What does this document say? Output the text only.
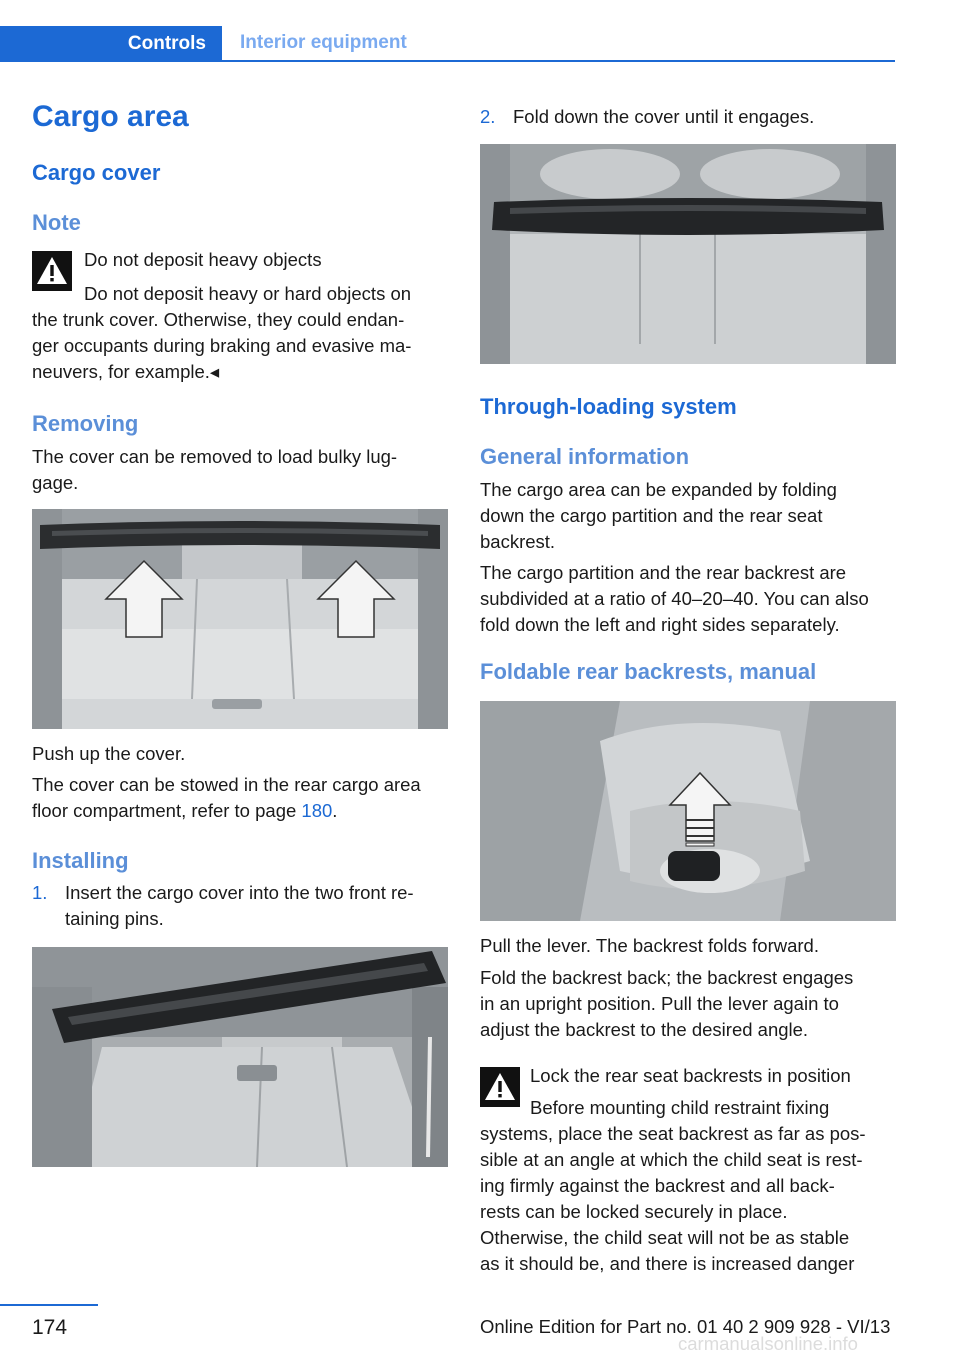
Controls	Interior equipment
Cargo area
Cargo cover
Note
Do not deposit heavy objects
Do not deposit heavy or hard objects on
the trunk cover. Otherwise, they could endan-
ger occupants during braking and evasive ma-
neuvers, for example.◂
Removing
The cover can be removed to load bulky lug-
gage.
Push up the cover.
The cover can be stowed in the rear cargo area
floor compartment, refer to page 180.
Installing
1. Insert the cargo cover into the two front re-
taining pins.
2. Fold down the cover until it engages.
Through-loading system
General information
The cargo area can be expanded by folding
down the cargo partition and the rear seat
backrest.
The cargo partition and the rear backrest are
subdivided at a ratio of 40–20–40. You can also
fold down the left and right sides separately.
Foldable rear backrests, manual
Pull the lever. The backrest folds forward.
Fold the backrest back; the backrest engages
in an upright position. Pull the lever again to
adjust the backrest to the desired angle.
Lock the rear seat backrests in position
Before mounting child restraint fixing
systems, place the seat backrest as far as pos-
sible at an angle at which the child seat is rest-
ing firmly against the backrest and all back-
rests can be locked securely in place.
Otherwise, the child seat will not be as stable
as it should be, and there is increased danger
174	Online Edition for Part no. 01 40 2 909 928 - VI/13
carmanualsonline.info
